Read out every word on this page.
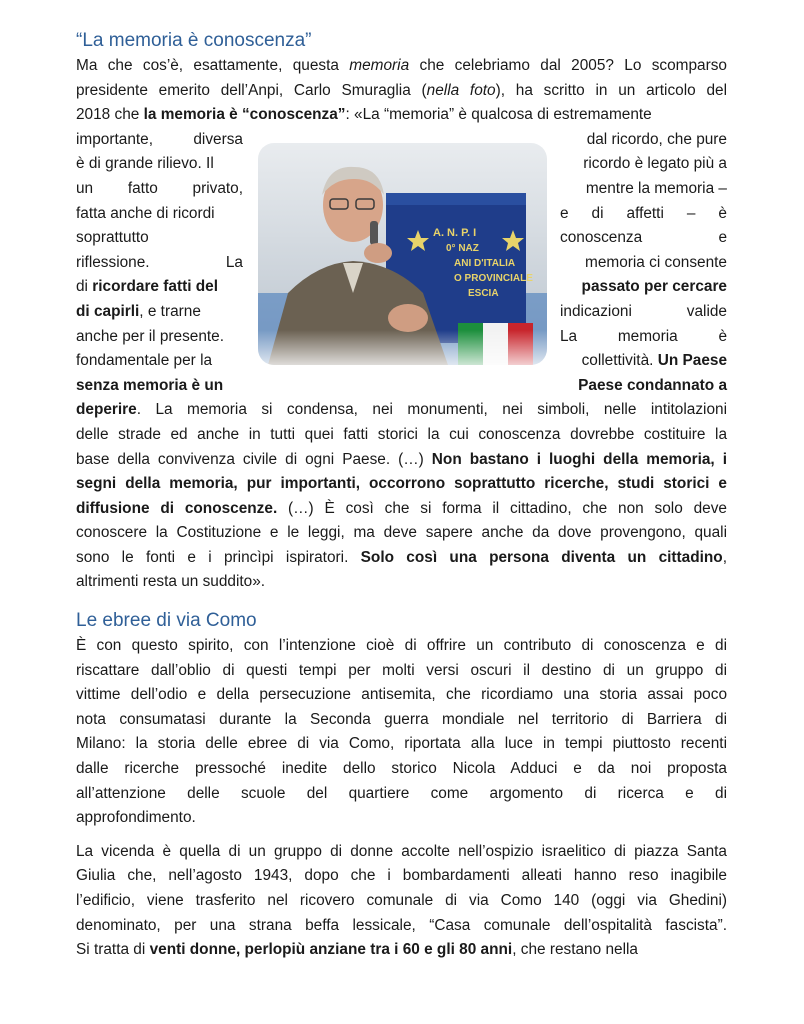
“La memoria è conoscenza”
Ma che cos’è, esattamente, questa memoria che celebriamo dal 2005? Lo scomparso
presidente emerito dell’Anpi, Carlo Smuraglia (nella foto), ha scritto in un articolo del
2018 che la memoria è “conoscenza”: «La “memoria” è qualcosa di estremamente
importante,	diversa	dal ricordo, che pure
è di grande rilievo. Il	ricordo è legato più a
un fatto privato,	mentre la memoria –
fatta anche di ricordi	e di affetti – è
soprattutto	conoscenza	e
riflessione.	La	memoria ci consente
di ricordare fatti del	passato per cercare
di capirli, e trarne	indicazioni	valide
anche per il presente.	La	memoria	è
fondamentale per la	collettività. Un Paese
senza memoria è un	Paese condannato a
deperire. La memoria si condensa, nei monumenti, nei simboli, nelle intitolazioni
delle strade ed anche in tutti quei fatti storici la cui conoscenza dovrebbe costituire la
base della convivenza civile di ogni Paese. (…) Non bastano i luoghi della memoria, i
segni della memoria, pur importanti, occorrono soprattutto ricerche, studi storici e
diffusione di conoscenze. (…) È così che si forma il cittadino, che non solo deve
conoscere la Costituzione e le leggi, ma deve sapere anche da dove provengono, quali
sono le fonti e i princìpi ispiratori. Solo così una persona diventa un cittadino,
altrimenti resta un suddito».
Le ebree di via Como
È con questo spirito, con l’intenzione cioè di offrire un contributo di conoscenza e di
riscattare dall’oblio di questi tempi per molti versi oscuri il destino di un gruppo di
vittime dell’odio e della persecuzione antisemita, che ricordiamo una storia assai poco
nota consumatasi durante la Seconda guerra mondiale nel territorio di Barriera di
Milano: la storia delle ebree di via Como, riportata alla luce in tempi piuttosto recenti
dalle ricerche pressoché inedite dello storico Nicola Adduci e da noi proposta
all’attenzione delle scuole del quartiere come argomento di ricerca e di
approfondimento.
La vicenda è quella di un gruppo di donne accolte nell’ospizio israelitico di piazza Santa
Giulia che, nell’agosto 1943, dopo che i bombardamenti alleati hanno reso inagibile
l’edificio, viene trasferito nel ricovero comunale di via Como 140 (oggi via Ghedini)
denominato, per una strana beffa lessicale, “Casa comunale dell’ospitalità fascista”.
Si tratta di venti donne, perlopiù anziane tra i 60 e gli 80 anni, che restano nella
A. N. P. I
0° NAZ
ANI D'ITALIA
O PROVINCIALE
ESCIA
